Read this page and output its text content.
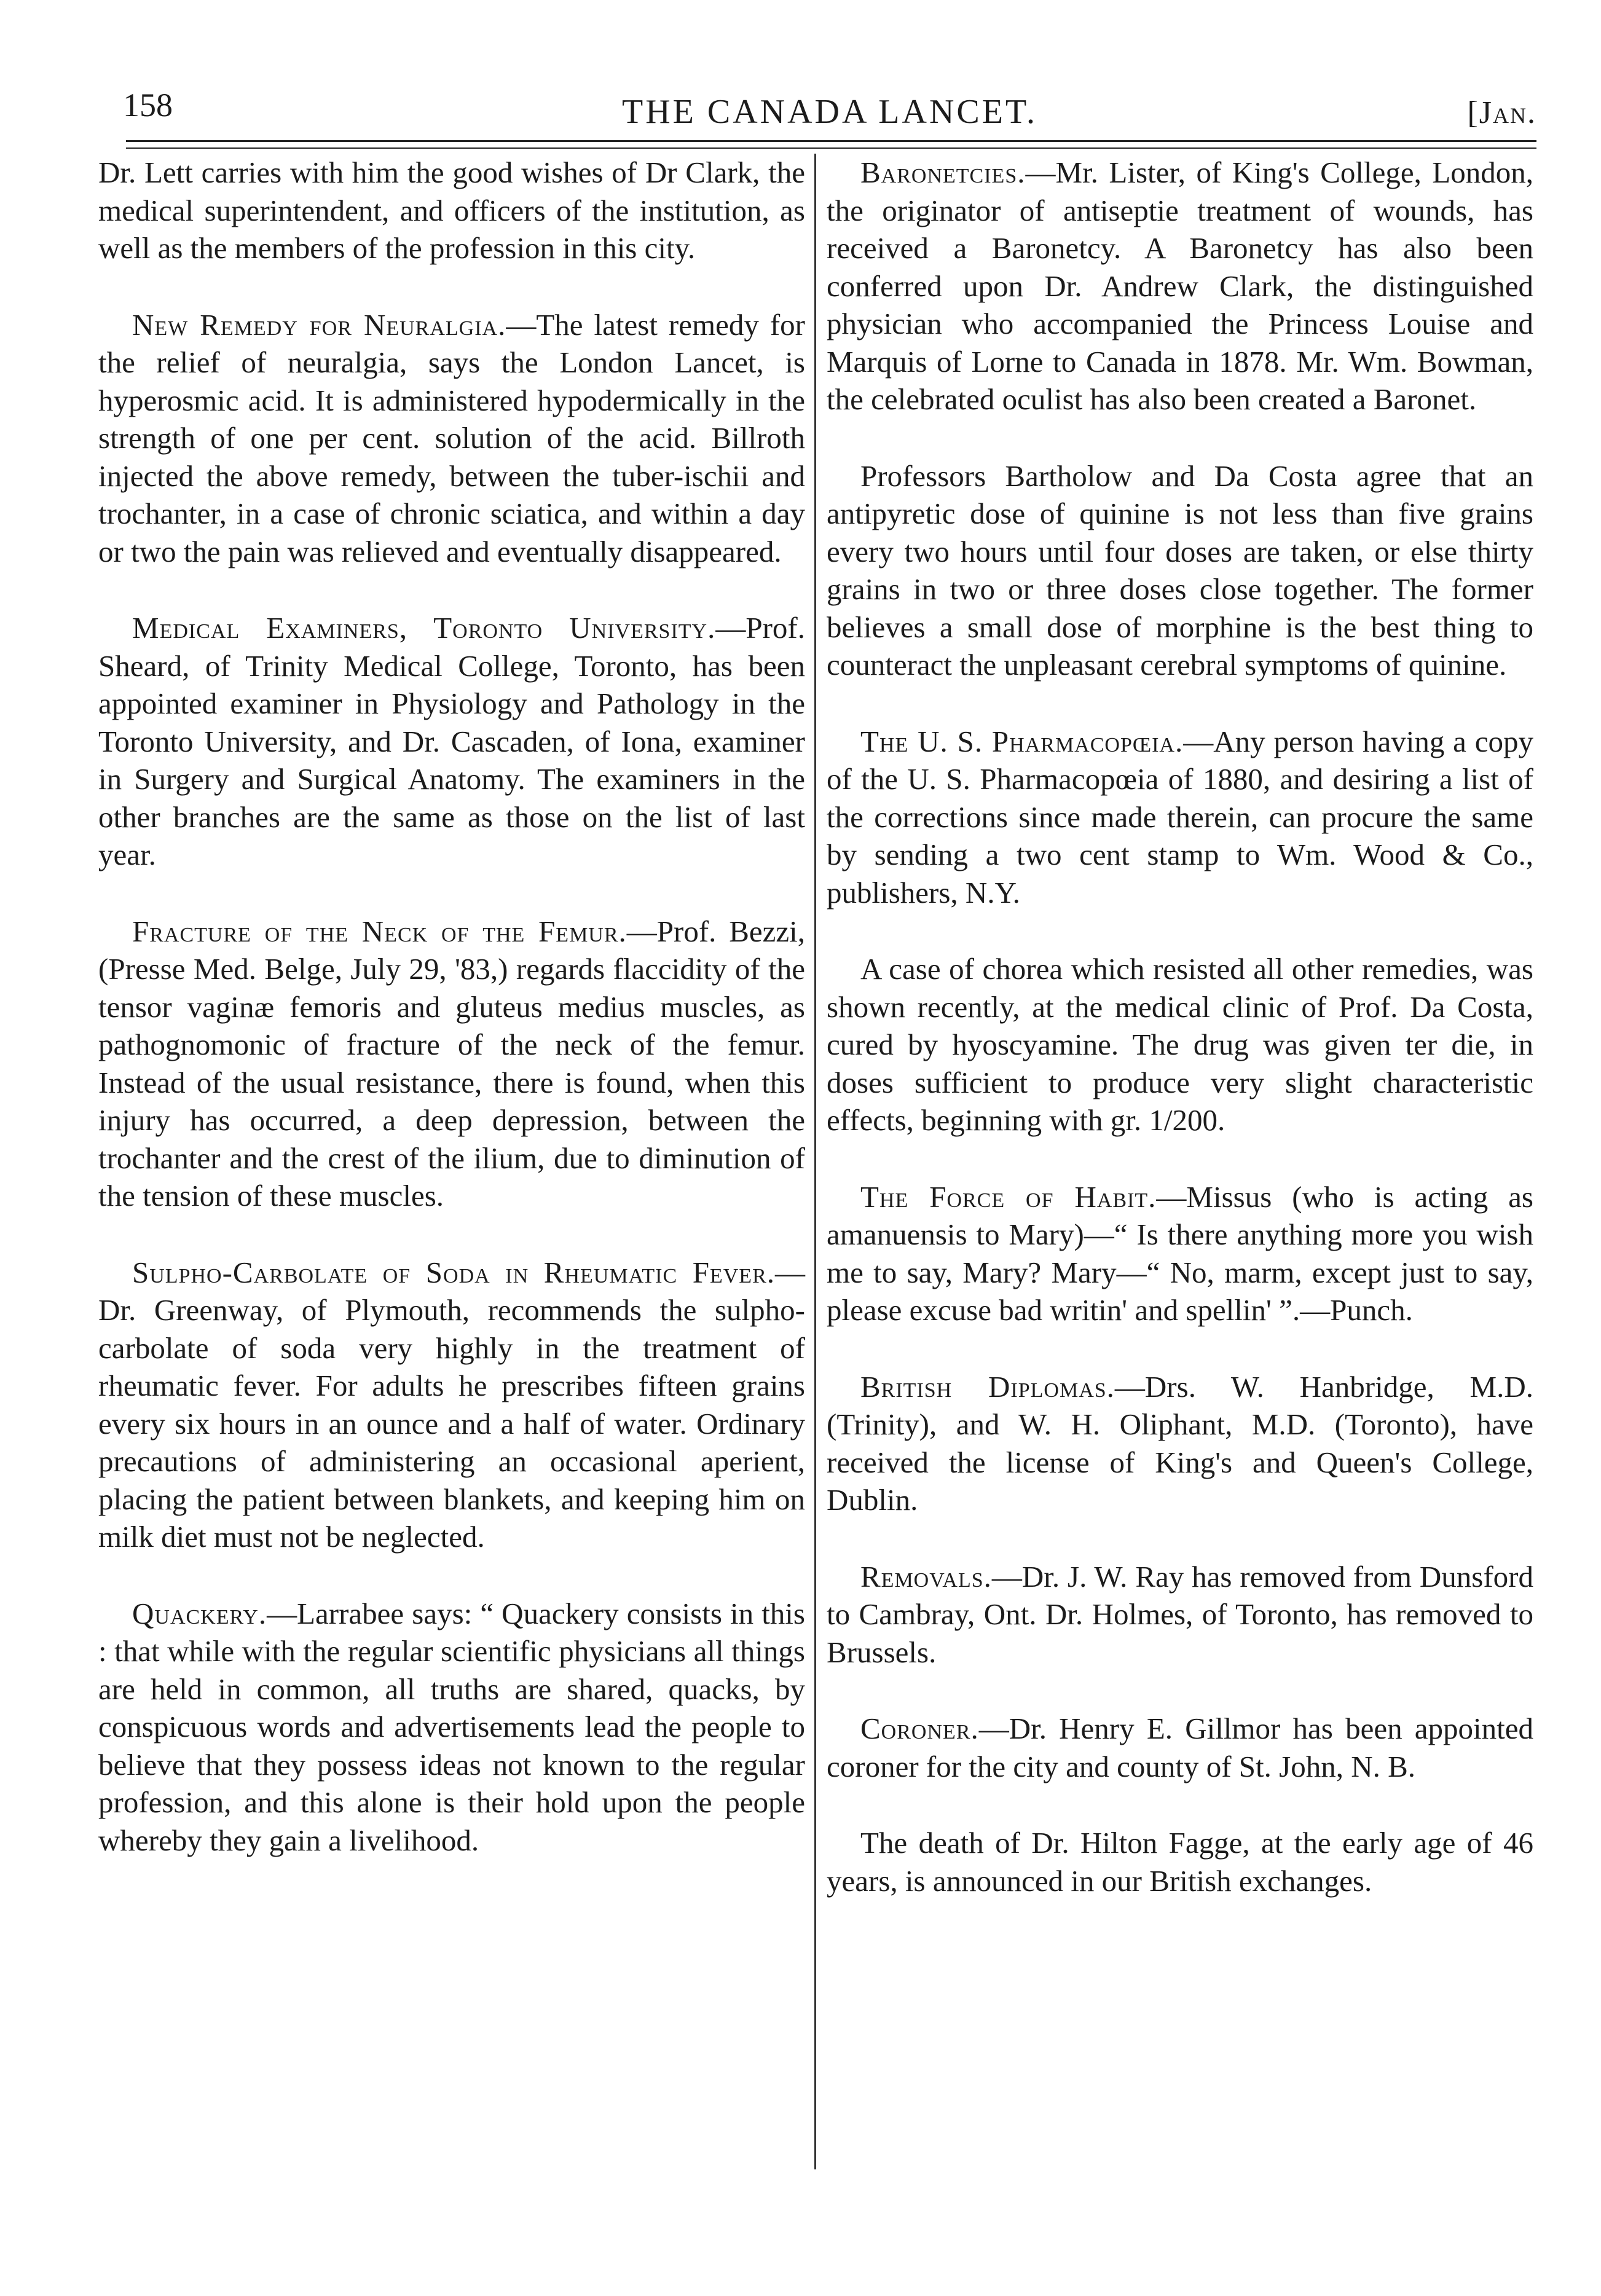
158	THE CANADA LANCET.	[Jan.

Dr. Lett carries with him the good wishes of Dr Clark, the medical superintendent, and officers of the institution, as well as the members of the profession in this city.

New Remedy for Neuralgia.—The latest remedy for the relief of neuralgia, says the London Lancet, is hyperosmic acid. It is administered hypodermically in the strength of one per cent. solution of the acid. Billroth injected the above remedy, between the tuber-ischii and trochanter, in a case of chronic sciatica, and within a day or two the pain was relieved and eventually disappeared.

Medical Examiners, Toronto University.—Prof. Sheard, of Trinity Medical College, Toronto, has been appointed examiner in Physiology and Pathology in the Toronto University, and Dr. Cascaden, of Iona, examiner in Surgery and Surgical Anatomy. The examiners in the other branches are the same as those on the list of last year.

Fracture of the Neck of the Femur.—Prof. Bezzi, (Presse Med. Belge, July 29, '83,) regards flaccidity of the tensor vaginæ femoris and gluteus medius muscles, as pathognomonic of fracture of the neck of the femur. Instead of the usual resistance, there is found, when this injury has occurred, a deep depression, between the trochanter and the crest of the ilium, due to diminution of the tension of these muscles.

Sulpho-Carbolate of Soda in Rheumatic Fever.—Dr. Greenway, of Plymouth, recommends the sulpho-carbolate of soda very highly in the treatment of rheumatic fever. For adults he prescribes fifteen grains every six hours in an ounce and a half of water. Ordinary precautions of administering an occasional aperient, placing the patient between blankets, and keeping him on milk diet must not be neglected.

Quackery.—Larrabee says: “ Quackery consists in this : that while with the regular scientific physicians all things are held in common, all truths are shared, quacks, by conspicuous words and advertisements lead the people to believe that they possess ideas not known to the regular profession, and this alone is their hold upon the people whereby they gain a livelihood.

Baronetcies.—Mr. Lister, of King's College, London, the originator of antiseptie treatment of wounds, has received a Baronetcy. A Baronetcy has also been conferred upon Dr. Andrew Clark, the distinguished physician who accompanied the Princess Louise and Marquis of Lorne to Canada in 1878. Mr. Wm. Bowman, the celebrated oculist has also been created a Baronet.

Professors Bartholow and Da Costa agree that an antipyretic dose of quinine is not less than five grains every two hours until four doses are taken, or else thirty grains in two or three doses close together. The former believes a small dose of morphine is the best thing to counteract the unpleasant cerebral symptoms of quinine.

The U. S. Pharmacopœia.—Any person having a copy of the U. S. Pharmacopœia of 1880, and desiring a list of the corrections since made therein, can procure the same by sending a two cent stamp to Wm. Wood & Co., publishers, N.Y.

A case of chorea which resisted all other remedies, was shown recently, at the medical clinic of Prof. Da Costa, cured by hyoscyamine. The drug was given ter die, in doses sufficient to produce very slight characteristic effects, beginning with gr. 1/200.

The Force of Habit.—Missus (who is acting as amanuensis to Mary)—“ Is there anything more you wish me to say, Mary? Mary—“ No, marm, except just to say, please excuse bad writin' and spellin' ”.—Punch.

British Diplomas.—Drs. W. Hanbridge, M.D. (Trinity), and W. H. Oliphant, M.D. (Toronto), have received the license of King's and Queen's College, Dublin.

Removals.—Dr. J. W. Ray has removed from Dunsford to Cambray, Ont. Dr. Holmes, of Toronto, has removed to Brussels.

Coroner.—Dr. Henry E. Gillmor has been appointed coroner for the city and county of St. John, N. B.

The death of Dr. Hilton Fagge, at the early age of 46 years, is announced in our British exchanges.
